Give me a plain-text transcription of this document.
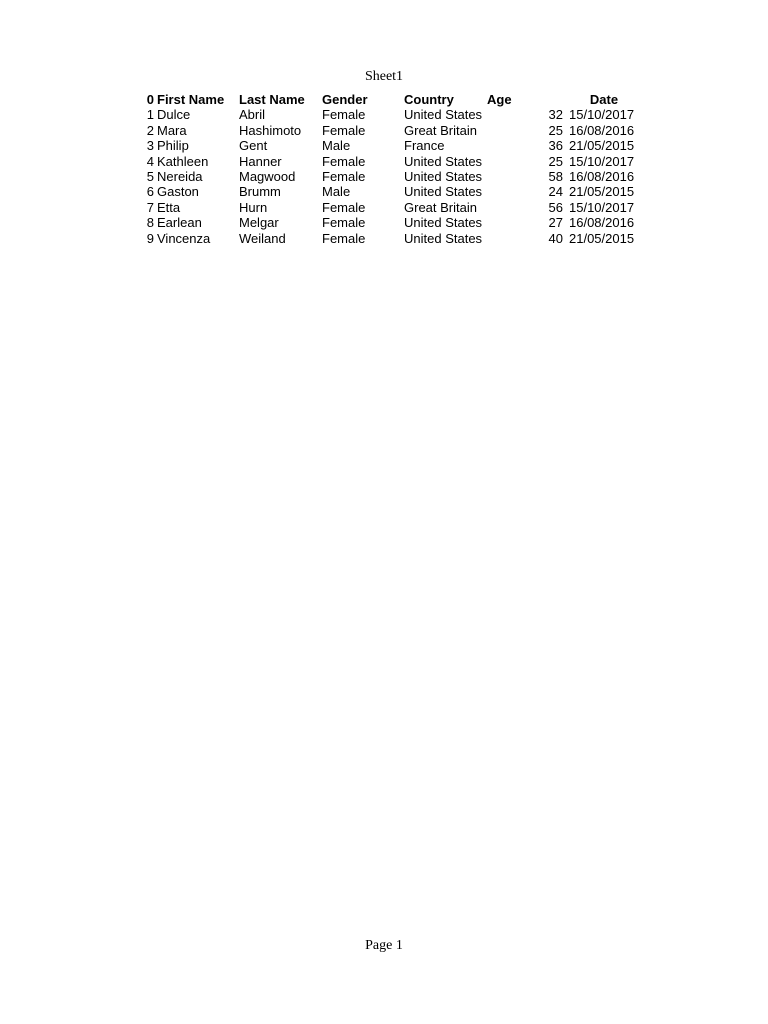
Sheet1
0	First Name	Last Name	Gender	Country	Age	Date
1	Dulce	Abril	Female	United States	32	15/10/2017
2	Mara	Hashimoto	Female	Great Britain	25	16/08/2016
3	Philip	Gent	Male	France	36	21/05/2015
4	Kathleen	Hanner	Female	United States	25	15/10/2017
5	Nereida	Magwood	Female	United States	58	16/08/2016
6	Gaston	Brumm	Male	United States	24	21/05/2015
7	Etta	Hurn	Female	Great Britain	56	15/10/2017
8	Earlean	Melgar	Female	United States	27	16/08/2016
9	Vincenza	Weiland	Female	United States	40	21/05/2015
Page 1
